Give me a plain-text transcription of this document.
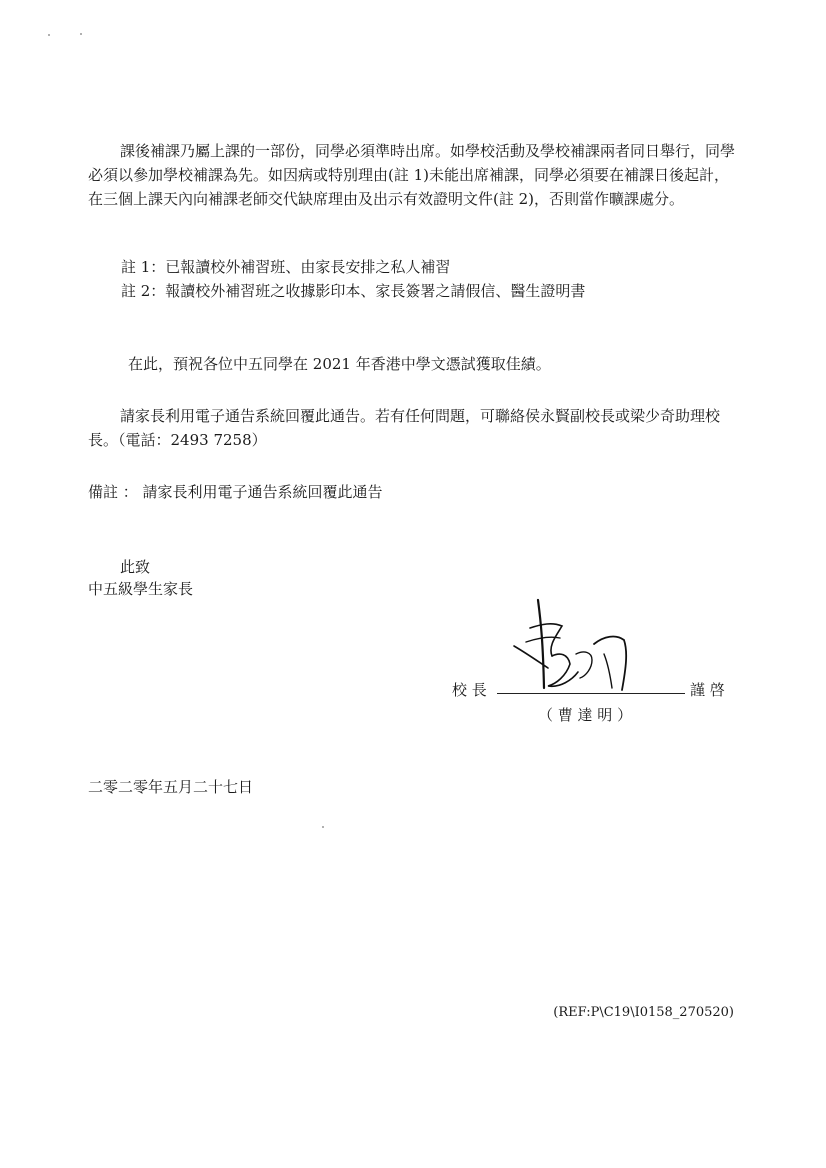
課後補課乃屬上課的一部份，同學必須準時出席。如學校活動及學校補課兩者同日舉行，同學必須以參加學校補課為先。如因病或特別理由(註 1)未能出席補課，同學必須要在補課日後起計，在三個上課天內向補課老師交代缺席理由及出示有效證明文件(註 2)，否則當作曠課處分。

註 1：已報讀校外補習班、由家長安排之私人補習

註 2：報讀校外補習班之收據影印本、家長簽署之請假信、醫生證明書

在此，預祝各位中五同學在 2021 年香港中學文憑試獲取佳績。

請家長利用電子通告系統回覆此通告。若有任何問題，可聯絡侯永賢副校長或梁少奇助理校長。（電話：2493 7258）

備註 ： 請家長利用電子通告系統回覆此通告

此致

中五級學生家長

校 長	謹 啓

（ 曹 達 明 ）

二零二零年五月二十七日

(REF:P\C19\I0158_270520)
